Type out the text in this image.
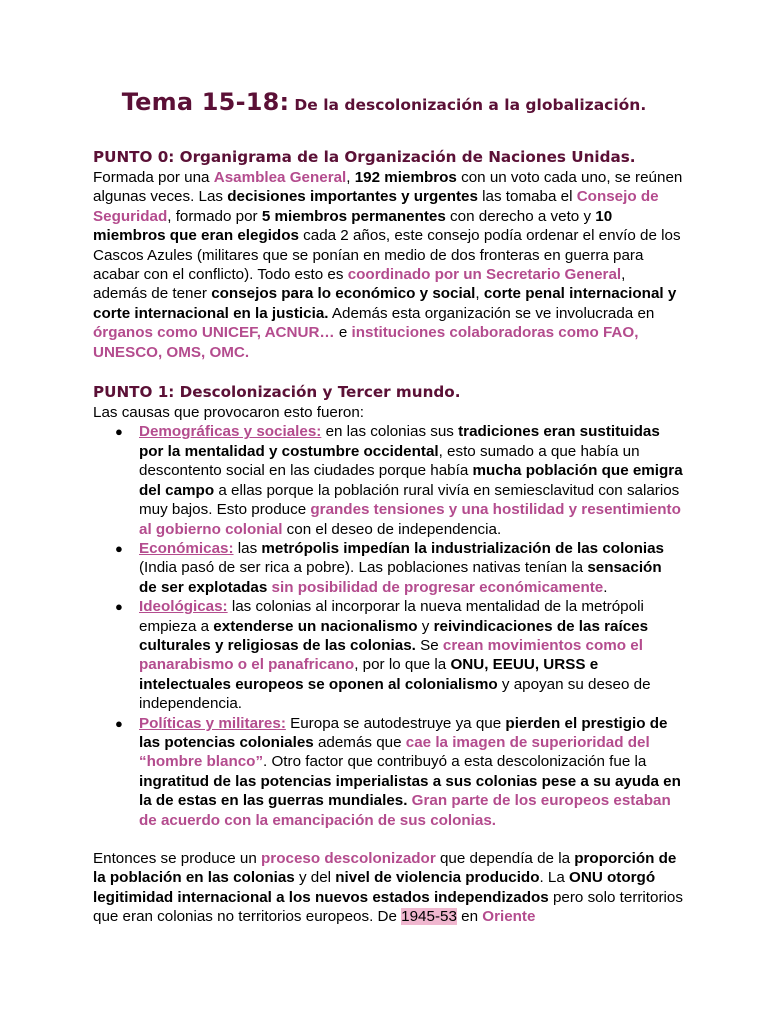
Tema 15-18: De la descolonización a la globalización.
PUNTO 0: Organigrama de la Organización de Naciones Unidas.

Formada por una Asamblea General, 192 miembros con un voto cada uno, se reúnen algunas veces. Las decisiones importantes y urgentes las tomaba el Consejo de Seguridad, formado por 5 miembros permanentes con derecho a veto y 10 miembros que eran elegidos cada 2 años, este consejo podía ordenar el envío de los Cascos Azules (militares que se ponían en medio de dos fronteras en guerra para acabar con el conflicto). Todo esto es coordinado por un Secretario General, además de tener consejos para lo económico y social, corte penal internacional y corte internacional en la justicia. Además esta organización se ve involucrada en órganos como UNICEF, ACNUR… e instituciones colaboradoras como FAO, UNESCO, OMS, OMC.

PUNTO 1: Descolonización y Tercer mundo.

Las causas que provocaron esto fueron:

● Demográficas y sociales: en las colonias sus tradiciones eran sustituidas por la mentalidad y costumbre occidental, esto sumado a que había un descontento social en las ciudades porque había mucha población que emigra del campo a ellas porque la población rural vivía en semiesclavitud con salarios muy bajos. Esto produce grandes tensiones y una hostilidad y resentimiento al gobierno colonial con el deseo de independencia.
● Económicas: las metrópolis impedían la industrialización de las colonias (India pasó de ser rica a pobre). Las poblaciones nativas tenían la sensación de ser explotadas sin posibilidad de progresar económicamente.
● Ideológicas: las colonias al incorporar la nueva mentalidad de la metrópoli empieza a extenderse un nacionalismo y reivindicaciones de las raíces culturales y religiosas de las colonias. Se crean movimientos como el panarabismo o el panafricano, por lo que la ONU, EEUU, URSS e intelectuales europeos se oponen al colonialismo y apoyan su deseo de independencia.
● Políticas y militares: Europa se autodestruye ya que pierden el prestigio de las potencias coloniales además que cae la imagen de superioridad del “hombre blanco”. Otro factor que contribuyó a esta descolonización fue la ingratitud de las potencias imperialistas a sus colonias pese a su ayuda en la de estas en las guerras mundiales. Gran parte de los europeos estaban de acuerdo con la emancipación de sus colonias.

Entonces se produce un proceso descolonizador que dependía de la proporción de la población en las colonias y del nivel de violencia producido. La ONU otorgó legitimidad internacional a los nuevos estados independizados pero solo territorios que eran colonias no territorios europeos. De 1945-53 en Oriente
